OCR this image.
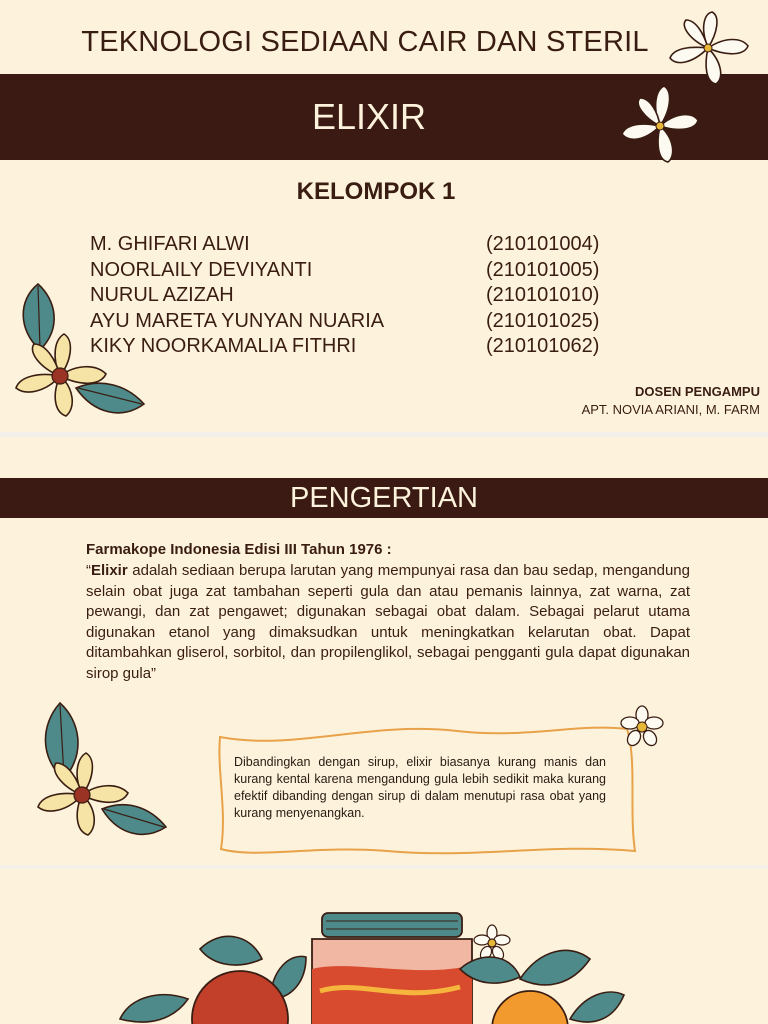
TEKNOLOGI SEDIAAN CAIR DAN STERIL
ELIXIR
KELOMPOK 1
M. GHIFARI ALWI	(210101004)
NOORLAILY DEVIYANTI	(210101005)
NURUL AZIZAH	(210101010)
AYU MARETA YUNYAN NUARIA	(210101025)
KIKY NOORKAMALIA FITHRI	(210101062)
DOSEN PENGAMPU
APT. NOVIA ARIANI, M. FARM
PENGERTIAN
Farmakope Indonesia Edisi III Tahun 1976 :
“Elixir adalah sediaan berupa larutan yang mempunyai rasa dan bau sedap, mengandung selain obat juga zat tambahan seperti gula dan atau pemanis lainnya, zat warna, zat pewangi, dan zat pengawet; digunakan sebagai obat dalam. Sebagai pelarut utama digunakan etanol yang dimaksudkan untuk meningkatkan kelarutan obat. Dapat ditambahkan gliserol, sorbitol, dan propilenglikol, sebagai pengganti gula dapat digunakan sirop gula”
Dibandingkan dengan sirup, elixir biasanya kurang manis dan kurang kental karena mengandung gula lebih sedikit maka kurang efektif dibanding dengan sirup di dalam menutupi rasa obat yang kurang menyenangkan.
